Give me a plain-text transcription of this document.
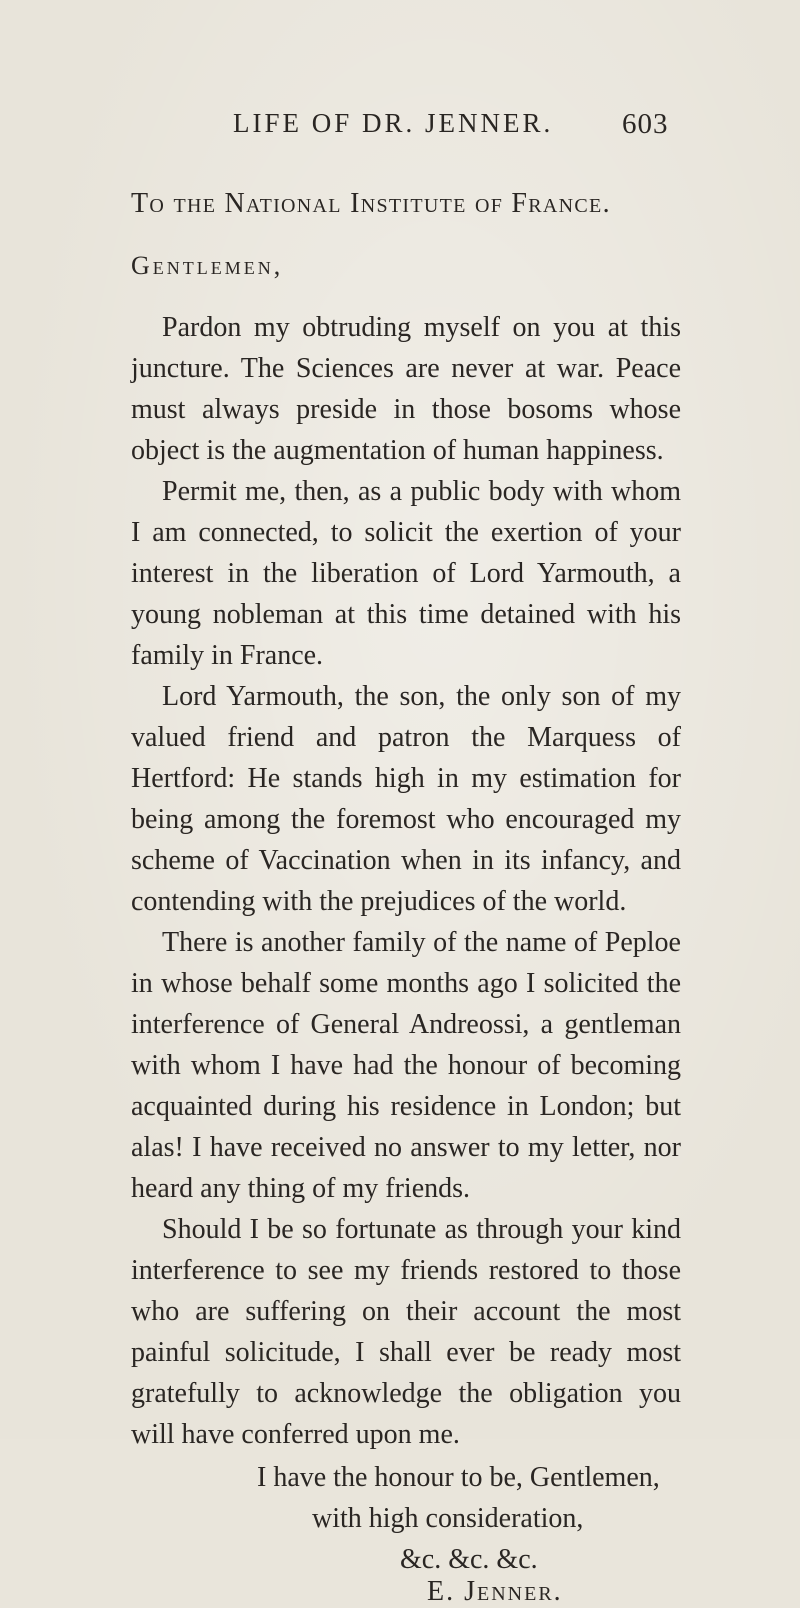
LIFE OF DR. JENNER. 603
To the National Institute of France.
Gentlemen,

Pardon my obtruding myself on you at this juncture. The Sciences are never at war. Peace must always preside in those bosoms whose object is the augmentation of human happiness.

Permit me, then, as a public body with whom I am connected, to solicit the exertion of your interest in the liberation of Lord Yarmouth, a young nobleman at this time detained with his family in France.

Lord Yarmouth, the son, the only son of my valued friend and patron the Marquess of Hertford: He stands high in my estimation for being among the foremost who encouraged my scheme of Vaccination when in its infancy, and contending with the prejudices of the world.

There is another family of the name of Peploe in whose behalf some months ago I solicited the interference of General Andreossi, a gentleman with whom I have had the honour of becoming acquainted during his residence in London; but alas! I have received no answer to my letter, nor heard any thing of my friends.

Should I be so fortunate as through your kind interference to see my friends restored to those who are suffering on their account the most painful solicitude, I shall ever be ready most gratefully to acknowledge the obligation you will have conferred upon me.

I have the honour to be, Gentlemen,
with high consideration,
&c. &c. &c.
E. Jenner.
